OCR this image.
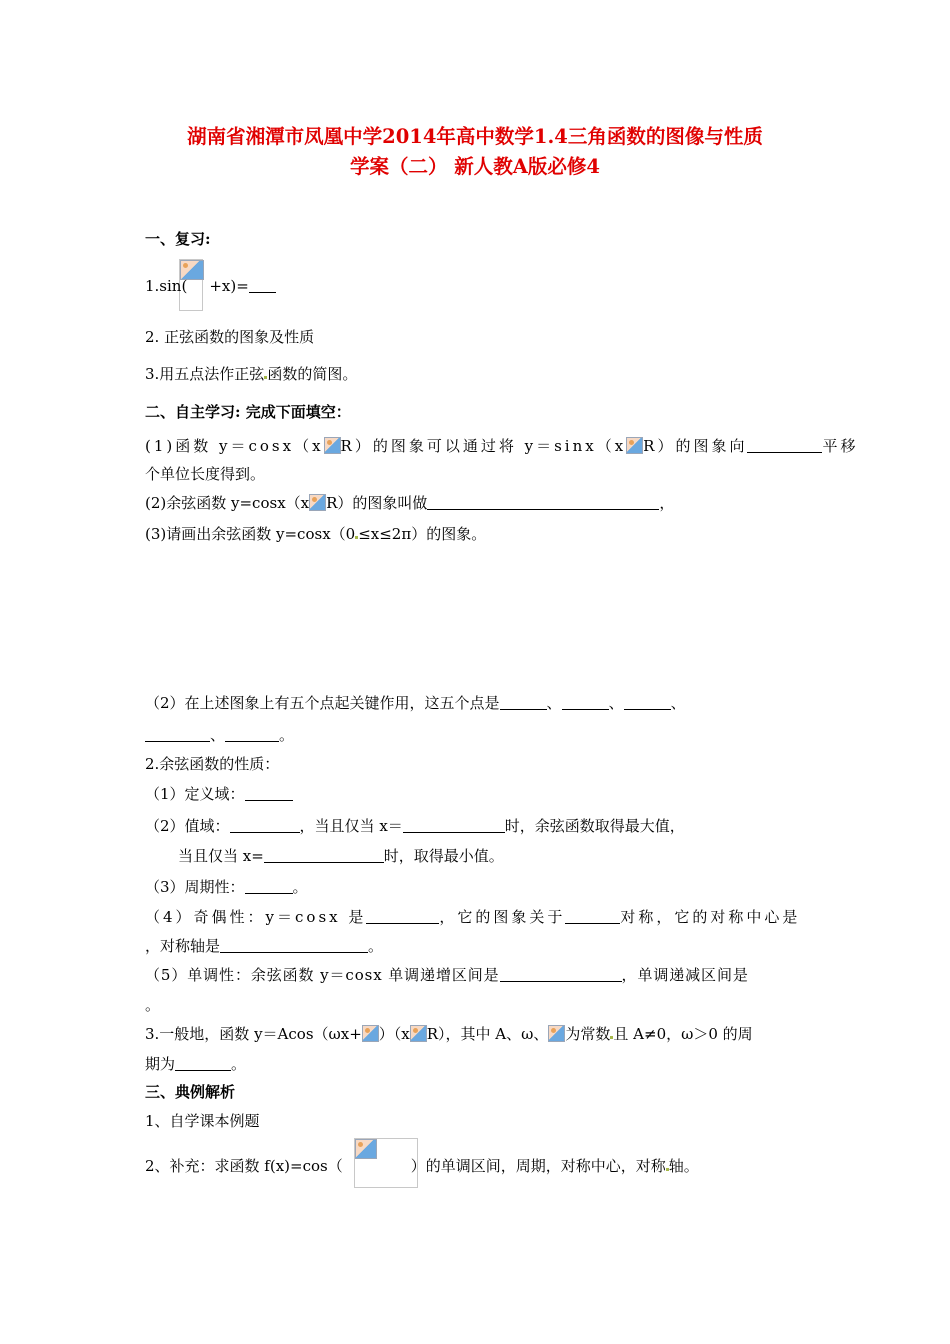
湖南省湘潭市凤凰中学2014年高中数学1.4三角函数的图像与性质
学案（二） 新人教A版必修4
一、复习:
1.sin( +x)=
2. 正弦函数的图象及性质
3.用五点法作正弦 函数的简图。
二、自主学习: 完成下面填空：
(1)函数 y＝cosx（x R）的图象可以通过将 y＝sinx（x R）的图象向	平移
个单位长度得到。
(2)余弦函数 y=cosx（x R）的图象叫做	，
(3)请画出余弦函数 y=cosx（0 ≤x≤2π）的图象。
（2）在上述图象上有五个点起关键作用，这五个点是	、	、	、
、	。
2.余弦函数的性质：
（1）定义域：
（2）值域：	，当且仅当 x＝	时，余弦函数取得最大值，
当且仅当 x=	时，取得最小值。
（3）周期性：	。
（4）奇偶性：y＝cosx 是	，它的图象关于	对称，它的对称中心是
，对称轴是	。
（5）单调性：余弦函数 y＝cosx 单调递增区间是	，单调递减区间是
。
3.一般地，函数 y＝Acos（ωx+ ）（x R），其中 A、ω、 为常数 且 A≠0，ω＞0 的周
期为	。
三、典例解析
1、自学课本例题
2、补充：求函数 f(x)=cos（	）的单调区间，周期，对称中心，对称 轴。
